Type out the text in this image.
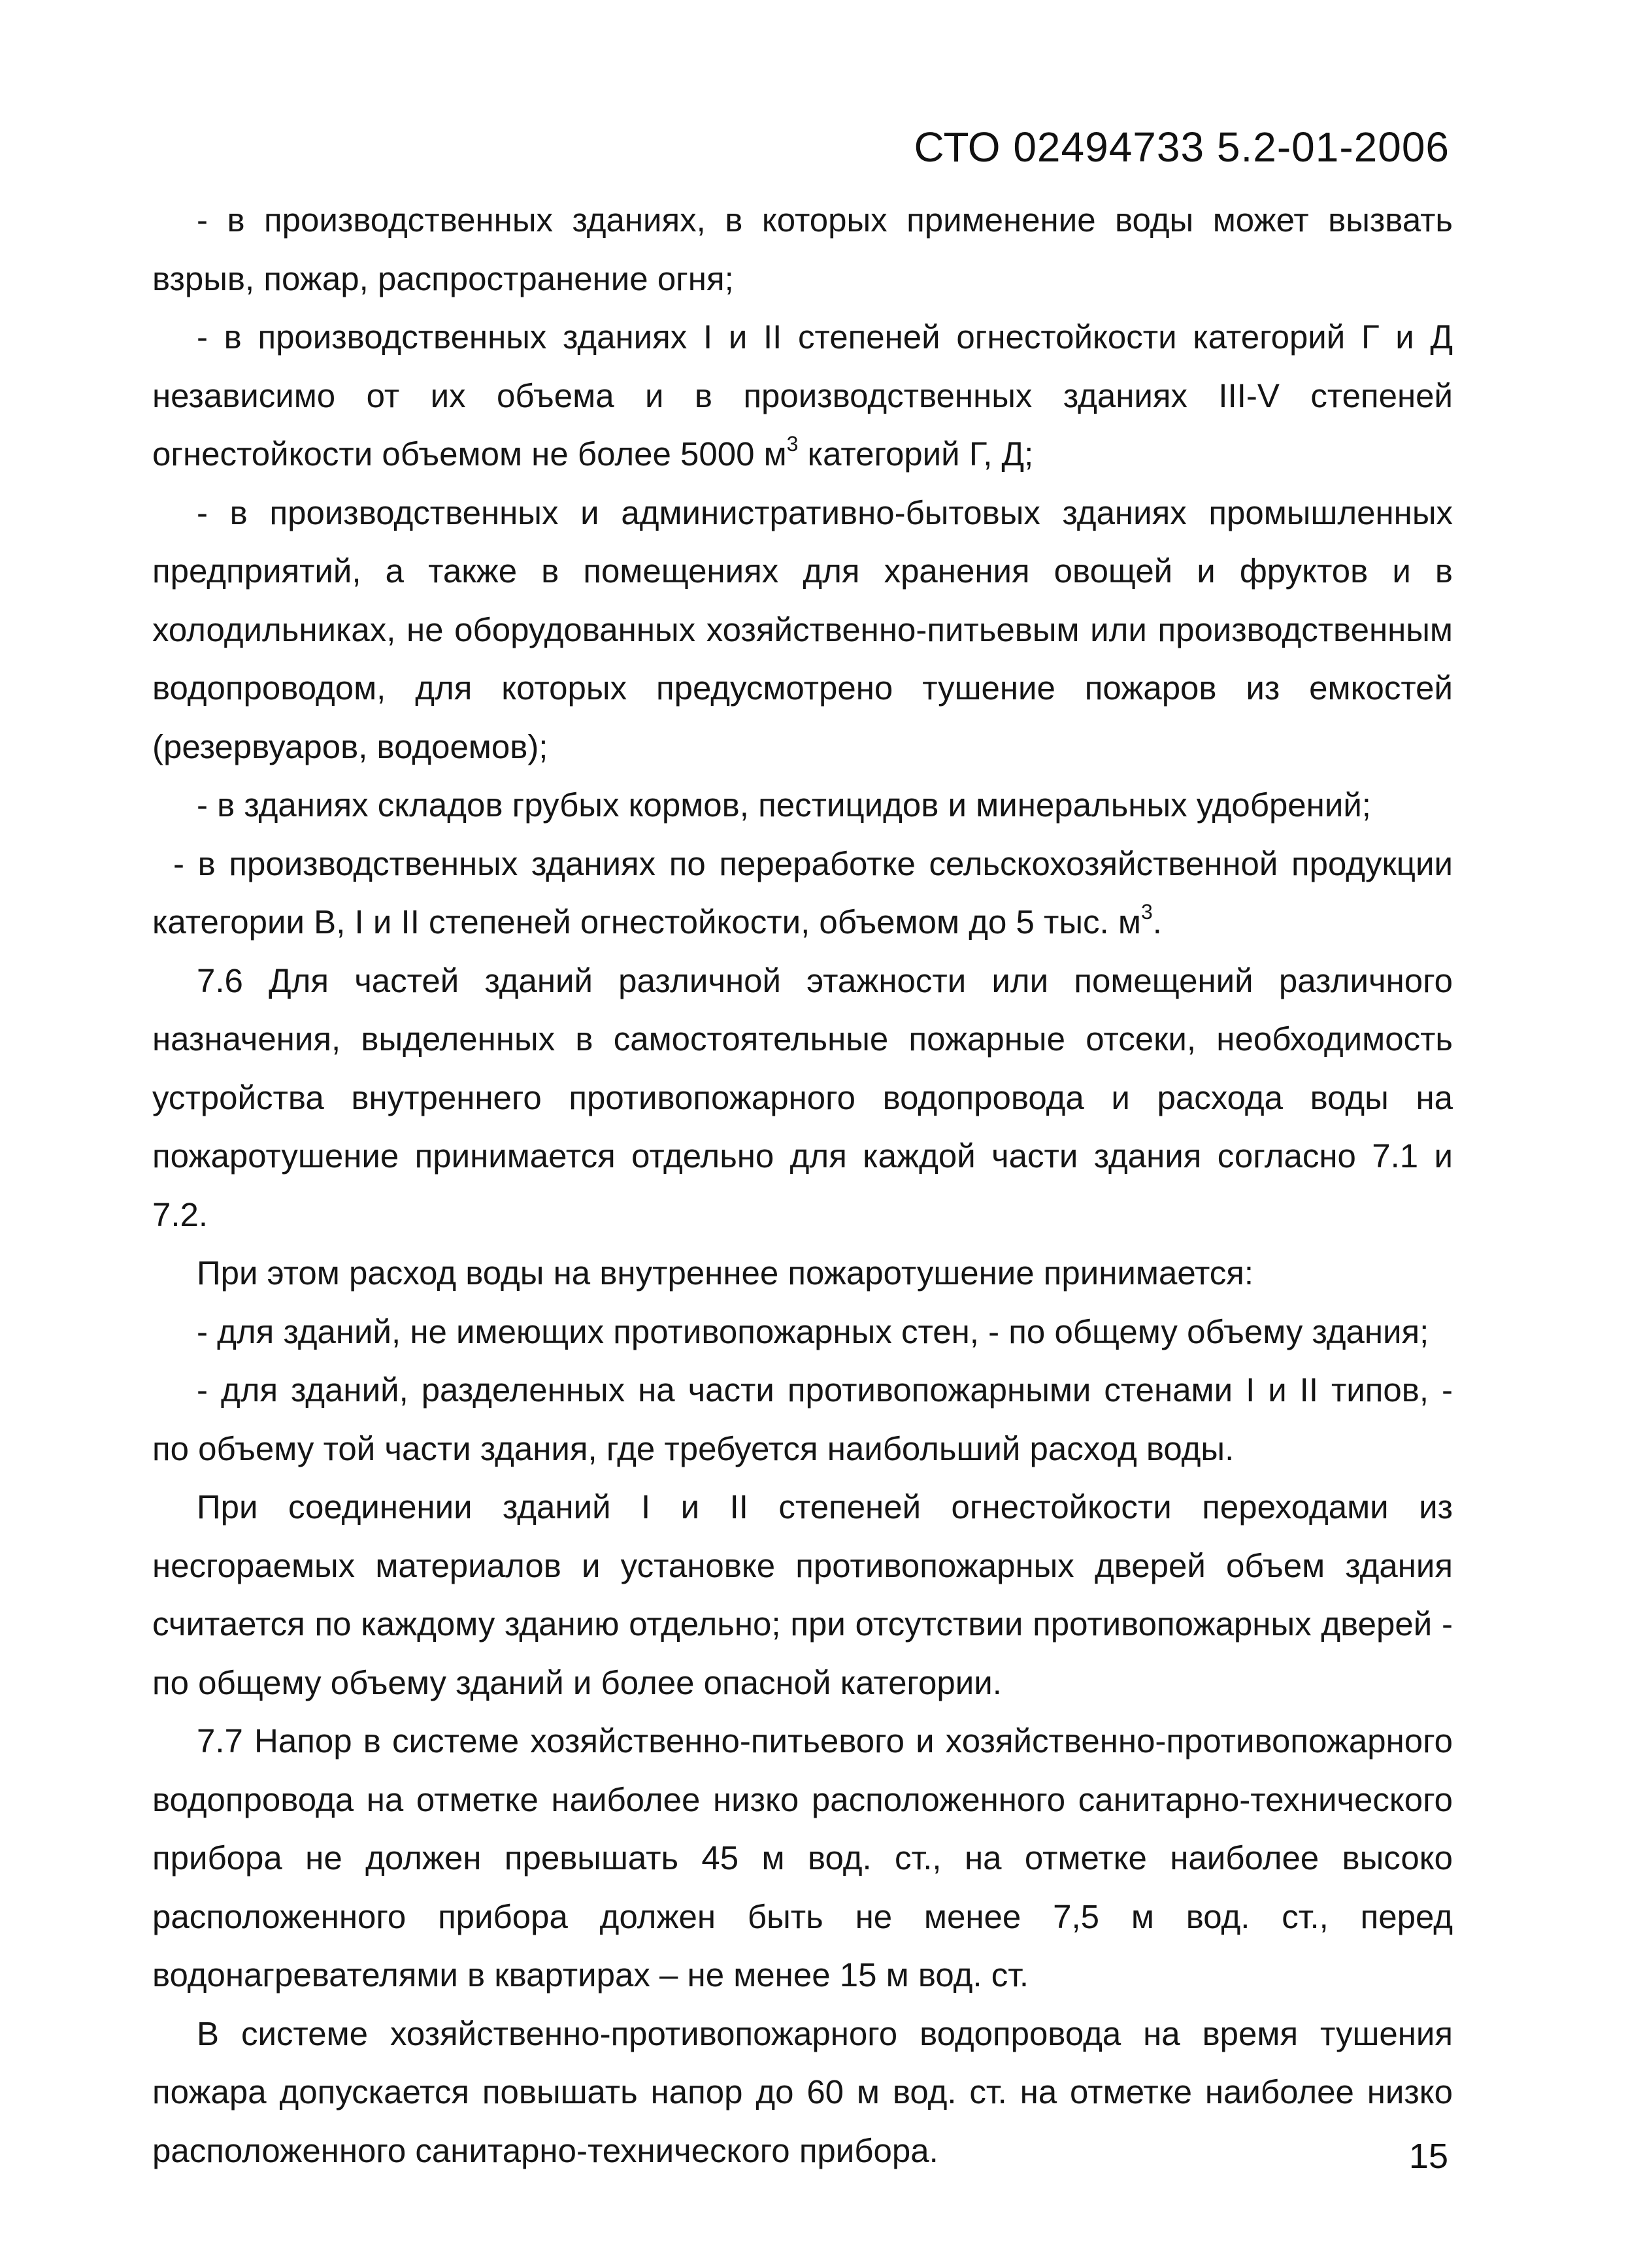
СТО 02494733 5.2-01-2006

- в производственных зданиях, в которых применение воды может вызвать взрыв, пожар, распространение огня;

- в производственных зданиях I и II степеней огнестойкости категорий Г и Д независимо от их объема и в производственных зданиях III-V степеней огнестойкости объемом не более 5000 $м^3$ категорий Г, Д;

- в производственных и административно-бытовых зданиях промышленных предприятий, а также в помещениях для хранения овощей и фруктов и в холодильниках, не оборудованных хозяйственно-питьевым или производственным водопроводом, для которых предусмотрено тушение пожаров из емкостей (резервуаров, водоемов);

- в зданиях складов грубых кормов, пестицидов и минеральных удобрений;

- в производственных зданиях по переработке сельскохозяйственной продукции категории В, I и II степеней огнестойкости, объемом до 5 тыс. $м^3$.

7.6 Для частей зданий различной этажности или помещений различного назначения, выделенных в самостоятельные пожарные отсеки, необходимость устройства внутреннего противопожарного водопровода и расхода воды на пожаротушение принимается отдельно для каждой части здания согласно 7.1 и 7.2.

При этом расход воды на внутреннее пожаротушение принимается:

- для зданий, не имеющих противопожарных стен, - по общему объему здания;

- для зданий, разделенных на части противопожарными стенами I и II типов, - по объему той части здания, где требуется наибольший расход воды.

При соединении зданий I и II степеней огнестойкости переходами из несгораемых материалов и установке противопожарных дверей объем здания считается по каждому зданию отдельно; при отсутствии противопожарных дверей - по общему объему зданий и более опасной категории.

7.7 Напор в системе хозяйственно-питьевого и хозяйственно-противопожарного водопровода на отметке наиболее низко расположенного санитарно-технического прибора не должен превышать 45 м вод. ст., на отметке наиболее высоко расположенного прибора должен быть не менее 7,5 м вод. ст., перед водонагревателями в квартирах – не менее 15 м вод. ст.

В системе хозяйственно-противопожарного водопровода на время тушения пожара допускается повышать напор до 60 м вод. ст. на отметке наиболее низко расположенного санитарно-технического прибора.	15
